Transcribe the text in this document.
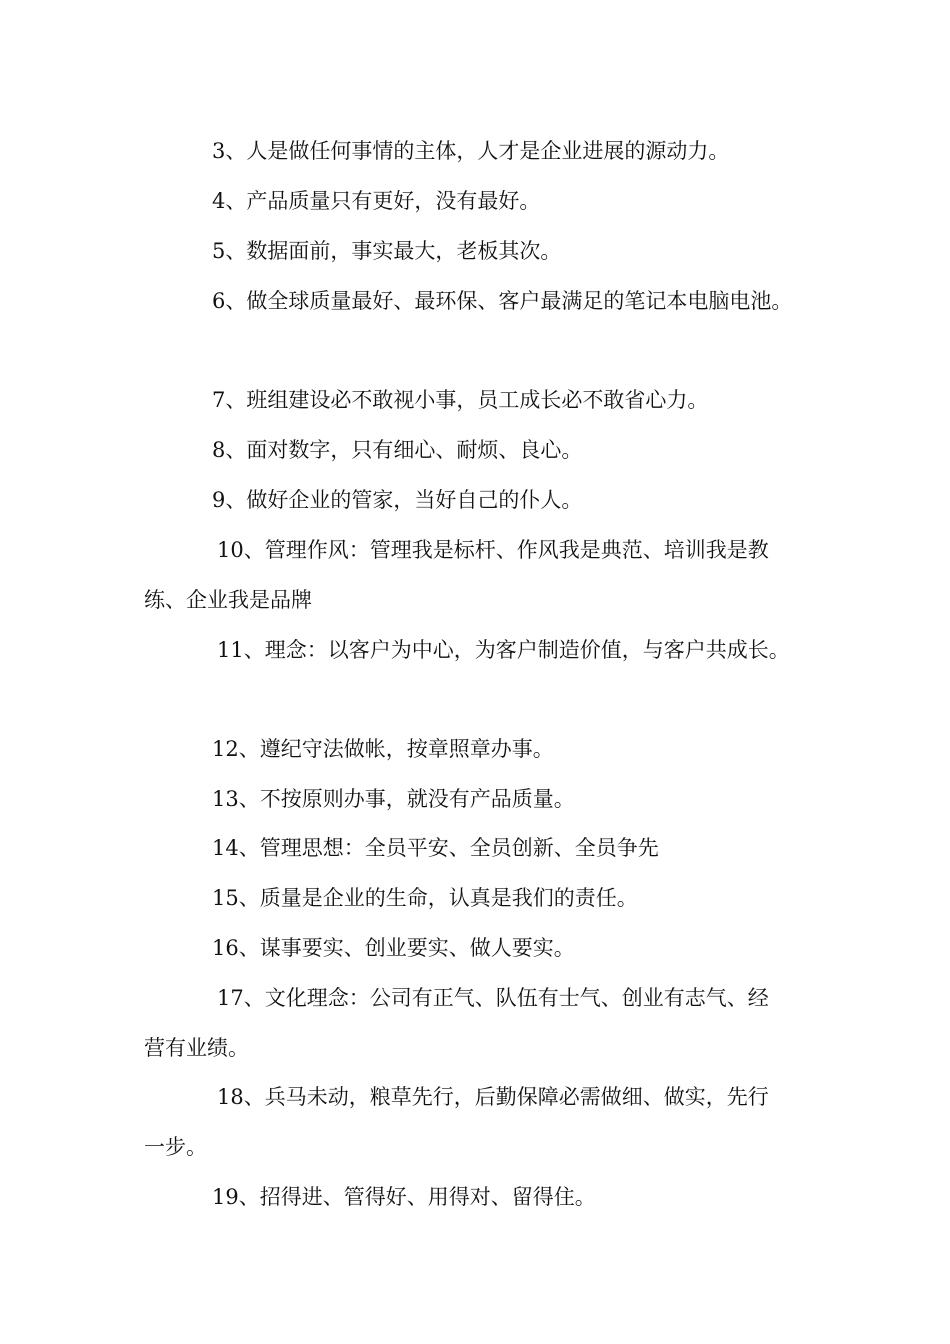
3、人是做任何事情的主体，人才是企业进展的源动力。
4、产品质量只有更好，没有最好。
5、数据面前，事实最大，老板其次。
6、做全球质量最好、最环保、客户最满足的笔记本电脑电池。
7、班组建设必不敢视小事，员工成长必不敢省心力。
8、面对数字，只有细心、耐烦、良心。
9、做好企业的管家，当好自己的仆人。
10、管理作风：管理我是标杆、作风我是典范、培训我是教
练、企业我是品牌
11、理念：以客户为中心，为客户制造价值，与客户共成长。
12、遵纪守法做帐，按章照章办事。
13、不按原则办事，就没有产品质量。
14、管理思想：全员平安、全员创新、全员争先
15、质量是企业的生命，认真是我们的责任。
16、谋事要实、创业要实、做人要实。
17、文化理念：公司有正气、队伍有士气、创业有志气、经
营有业绩。
18、兵马未动，粮草先行，后勤保障必需做细、做实，先行
一步。
19、招得进、管得好、用得对、留得住。
